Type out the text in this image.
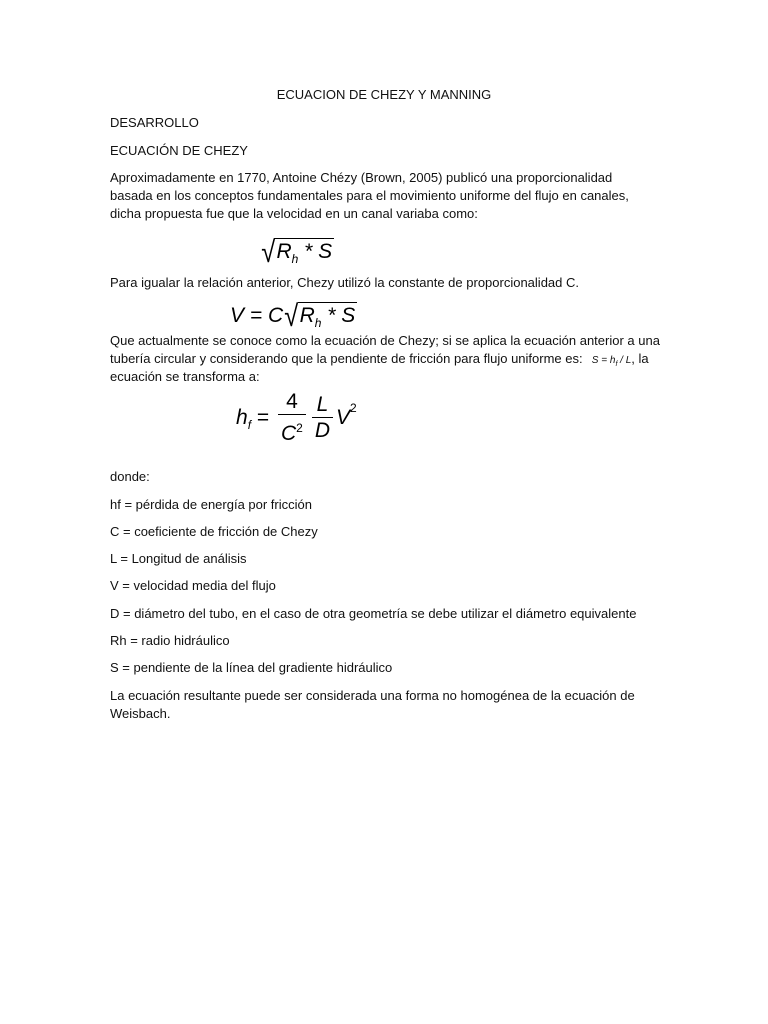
ECUACION DE CHEZY Y MANNING

DESARROLLO

ECUACIÓN DE CHEZY

Aproximadamente en 1770, Antoine Chézy (Brown, 2005) publicó una proporcionalidad

basada en los conceptos fundamentales para el movimiento uniforme del flujo en canales,

dicha propuesta fue que la velocidad en un canal variaba como:

$√R_h$ * S

Para igualar la relación anterior, Chezy utilizó la constante de proporcionalidad C.

$V = C√R_h * S$

Que actualmente se conoce como la ecuación de Chezy; si se aplica la ecuación anterior a una

tubería circular y considerando que la pendiente de fricción para flujo uniforme es: $S = h_f / L$, la

ecuación se transforma a:

$h_f = \frac{4}{C^2} \frac{L}{D} V^2$

donde:

hf = pérdida de energía por fricción

C = coeficiente de fricción de Chezy

L = Longitud de análisis

V = velocidad media del flujo

D = diámetro del tubo, en el caso de otra geometría se debe utilizar el diámetro equivalente

Rh = radio hidráulico

S = pendiente de la línea del gradiente hidráulico

La ecuación resultante puede ser considerada una forma no homogénea de la ecuación de

Weisbach.
